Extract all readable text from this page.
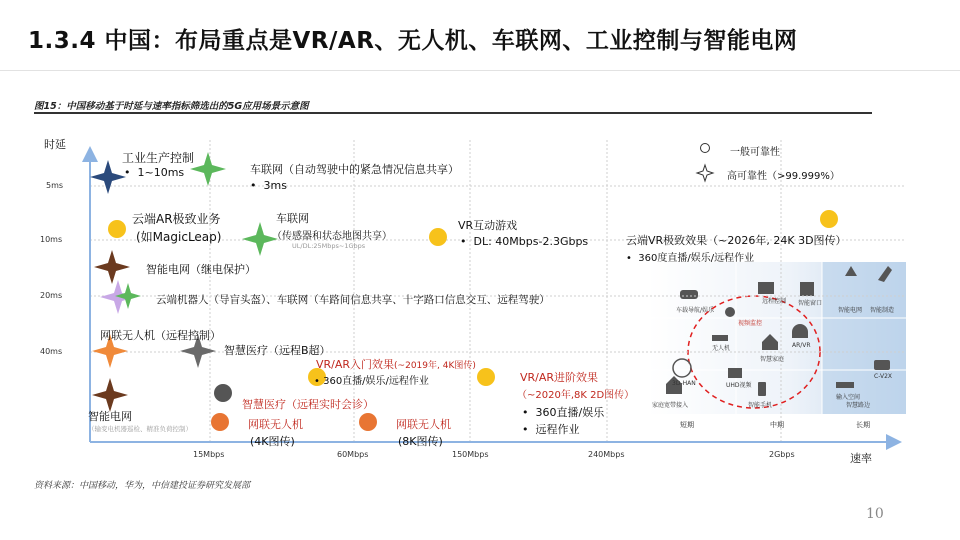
1.3.4 中国：布局重点是VR/AR、无人机、车联网、工业控制与智能电网
图15：中国移动基于时延与速率指标筛选出的5G应用场景示意图
时延
速率
5ms
10ms
20ms
40ms
15Mbps	60Mbps	150Mbps	240Mbps	2Gbps
一般可靠性
高可靠性（>99.999%）
工业生产控制
• 1~10ms	车联网（自动驾驶中的紧急情况信息共享）
• 3ms
云端AR极致业务
(如MagicLeap)
车联网
（传感器和状态地图共享）
UL/DL:25Mbps~1Gbps
VR互动游戏
• DL: 40Mbps-2.3Gbps	云端VR极致效果（~2026年, 24K 3D图传）
• 360度直播/娱乐/远程作业
智能电网（继电保护）
云端机器人（导盲头盔）、车联网（车路间信息共享、十字路口信息交互、远程驾驶）
网联无人机（远程控制）
智慧医疗（远程B超）
VR/AR入门效果(~2019年, 4K图传)
• 360直播/娱乐/远程作业	VR/AR进阶效果
（~2020年,8K 2D图传）
• 360直播/娱乐
• 远程作业
智慧医疗（远程实时会诊）
智能电网
（输变电机器巡检、精准负荷控制）	网联无人机
(4K图传)
网联无人机
(8K图传)
车载导航/娱乐
远程控制 智能窗口
智能电网 智能制造
视频监控
无人机	AR/VR
智慧家庭
3D-HAN	UHD视频
C-V2X
家庭宽带接入	智能手机
输入空间
智慧路边
短期	中期	长期
资料来源：中国移动，华为，中信建投证券研究发展部
10
